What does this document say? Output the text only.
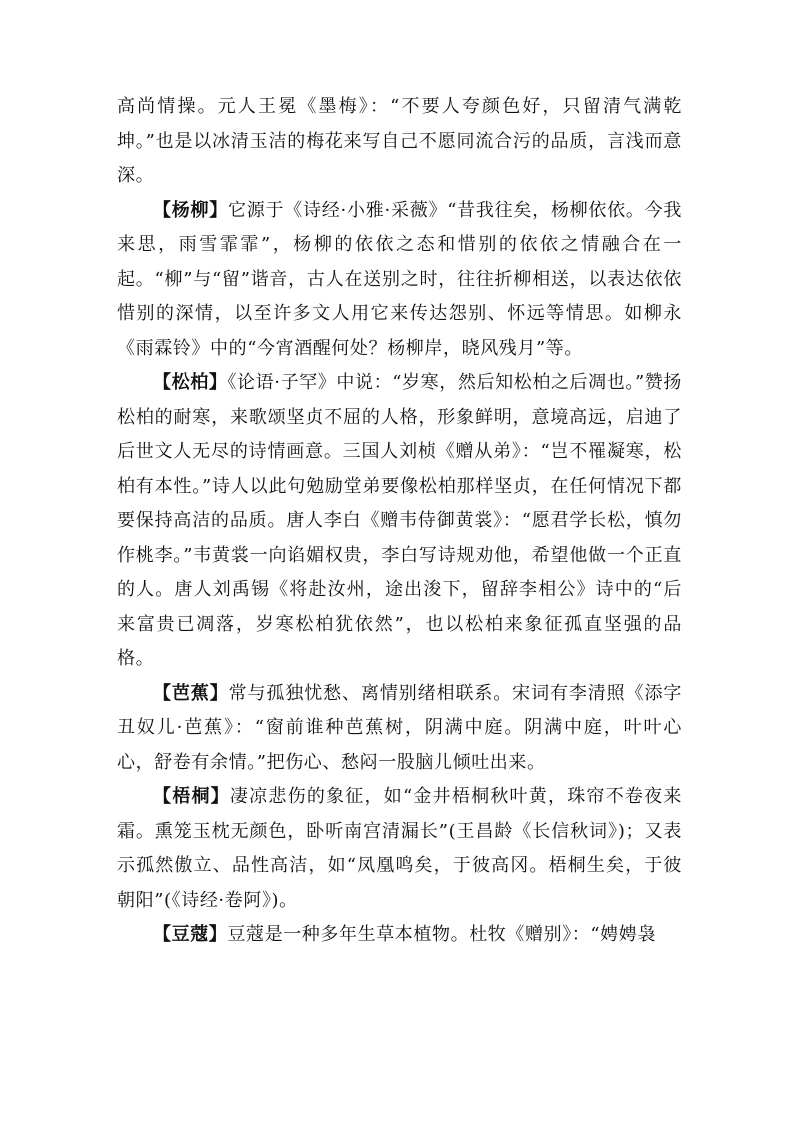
高尚情操。元人王冕《墨梅》：“不要人夸颜色好，只留清气满乾坤。”也是以冰清玉洁的梅花来写自己不愿同流合污的品质，言浅而意深。

【杨柳】它源于《诗经·小雅·采薇》“昔我往矣，杨柳依依。今我来思，雨雪霏霏”，杨柳的依依之态和惜别的依依之情融合在一起。“柳”与“留”谐音，古人在送别之时，往往折柳相送，以表达依依惜别的深情，以至许多文人用它来传达怨别、怀远等情思。如柳永《雨霖铃》中的“今宵酒醒何处？杨柳岸，晓风残月”等。

【松柏】《论语·子罕》中说：“岁寒，然后知松柏之后凋也。”赞扬松柏的耐寒，来歌颂坚贞不屈的人格，形象鲜明，意境高远，启迪了后世文人无尽的诗情画意。三国人刘桢《赠从弟》：“岂不罹凝寒，松柏有本性。”诗人以此句勉励堂弟要像松柏那样坚贞，在任何情况下都要保持高洁的品质。唐人李白《赠韦侍御黄裳》：“愿君学长松，慎勿作桃李。”韦黄裳一向谄媚权贵，李白写诗规劝他，希望他做一个正直的人。唐人刘禹锡《将赴汝州，途出浚下，留辞李相公》诗中的“后来富贵已凋落，岁寒松柏犹依然”，也以松柏来象征孤直坚强的品格。

【芭蕉】常与孤独忧愁、离情别绪相联系。宋词有李清照《添字丑奴儿·芭蕉》：“窗前谁种芭蕉树，阴满中庭。阴满中庭，叶叶心心，舒卷有余情。”把伤心、愁闷一股脑儿倾吐出来。

【梧桐】凄凉悲伤的象征，如“金井梧桐秋叶黄，珠帘不卷夜来霜。熏笼玉枕无颜色，卧听南宫清漏长”(王昌龄《长信秋词》)；又表示孤然傲立、品性高洁，如“凤凰鸣矣，于彼高冈。梧桐生矣，于彼朝阳”(《诗经·卷阿》)。

【豆蔻】豆蔻是一种多年生草本植物。杜牧《赠别》：“娉娉袅
